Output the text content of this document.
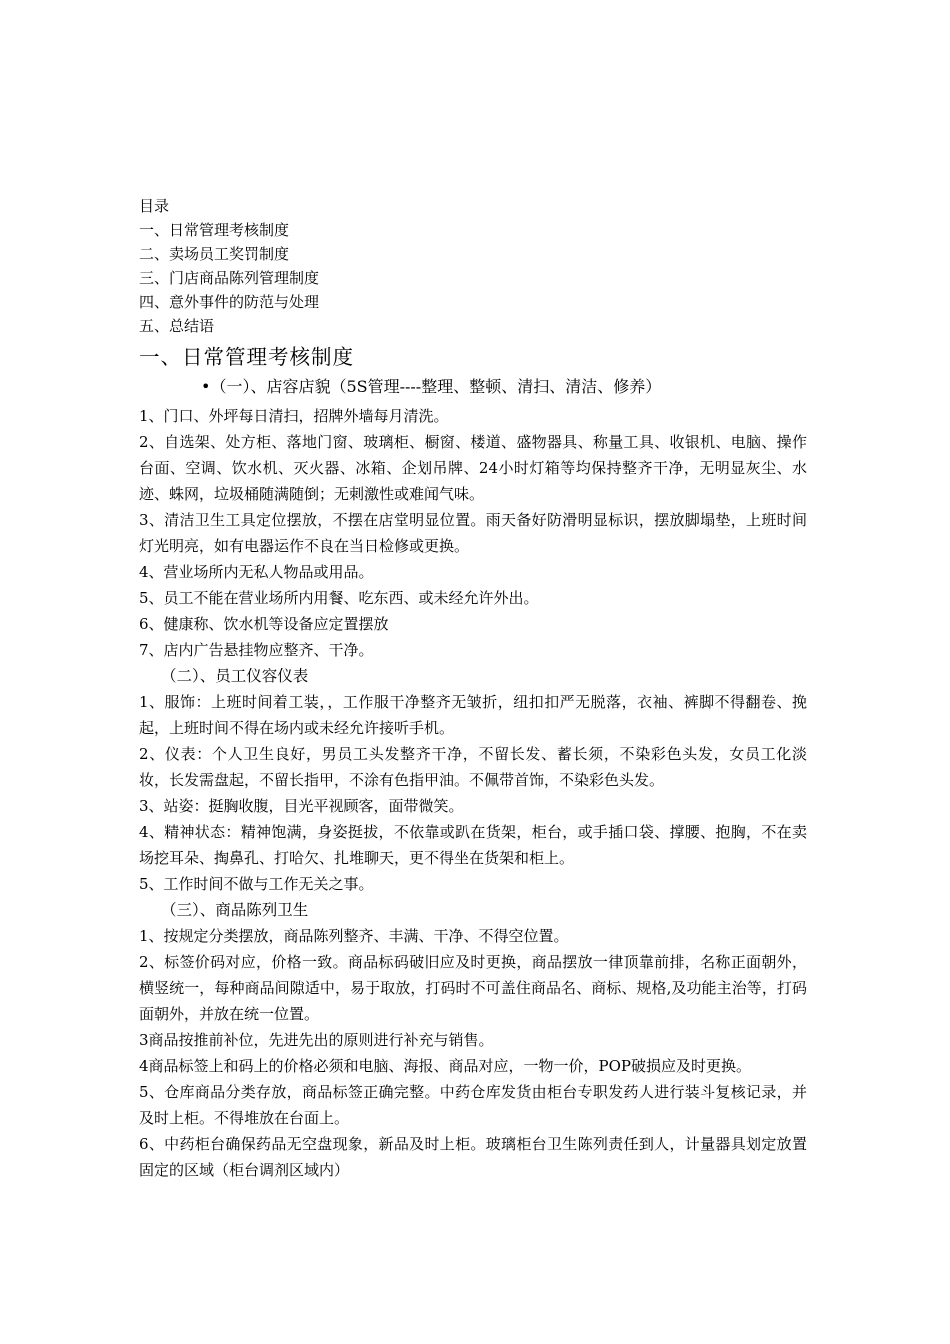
目录
一、日常管理考核制度
二、卖场员工奖罚制度
三、门店商品陈列管理制度
四、意外事件的防范与处理
五、总结语
一、日常管理考核制度
•（一）、店容店貌（5S管理----整理、整顿、清扫、清洁、修养）
1、门口、外坪每日清扫，招牌外墙每月清洗。
2、自选架、处方柜、落地门窗、玻璃柜、橱窗、楼道、盛物器具、称量工具、收银机、电脑、操作台面、空调、饮水机、灭火器、冰箱、企划吊牌、24小时灯箱等均保持整齐干净，无明显灰尘、水迹、蛛网，垃圾桶随满随倒；无刺激性或难闻气味。
3、清洁卫生工具定位摆放，不摆在店堂明显位置。雨天备好防滑明显标识，摆放脚塌垫，上班时间灯光明亮，如有电器运作不良在当日检修或更换。
4、营业场所内无私人物品或用品。
5、员工不能在营业场所内用餐、吃东西、或未经允许外出。
6、健康称、饮水机等设备应定置摆放
7、店内广告悬挂物应整齐、干净。
（二）、员工仪容仪表
1、服饰：上班时间着工装，，工作服干净整齐无皱折，纽扣扣严无脱落，衣袖、裤脚不得翻卷、挽起，上班时间不得在场内或未经允许接听手机。
2、仪表：个人卫生良好，男员工头发整齐干净，不留长发、蓄长须，不染彩色头发，女员工化淡妆，长发需盘起，不留长指甲，不涂有色指甲油。不佩带首饰，不染彩色头发。
3、站姿：挺胸收腹，目光平视顾客，面带微笑。
4、精神状态：精神饱满，身姿挺拔，不依靠或趴在货架，柜台，或手插口袋、撑腰、抱胸，不在卖场挖耳朵、掏鼻孔、打哈欠、扎堆聊天，更不得坐在货架和柜上。
5、工作时间不做与工作无关之事。
（三）、商品陈列卫生
1、按规定分类摆放，商品陈列整齐、丰满、干净、不得空位置。
2、标签价码对应，价格一致。商品标码破旧应及时更换，商品摆放一律顶靠前排，名称正面朝外，横竖统一，每种商品间隙适中，易于取放，打码时不可盖住商品名、商标、规格,及功能主治等，打码面朝外，并放在统一位置。
3商品按推前补位，先进先出的原则进行补充与销售。
4商品标签上和码上的价格必须和电脑、海报、商品对应，一物一价，POP破损应及时更换。
5、仓库商品分类存放，商品标签正确完整。中药仓库发货由柜台专职发药人进行装斗复核记录，并及时上柜。不得堆放在台面上。
6、中药柜台确保药品无空盘现象，新品及时上柜。玻璃柜台卫生陈列责任到人，计量器具划定放置固定的区域（柜台调剂区域内）
